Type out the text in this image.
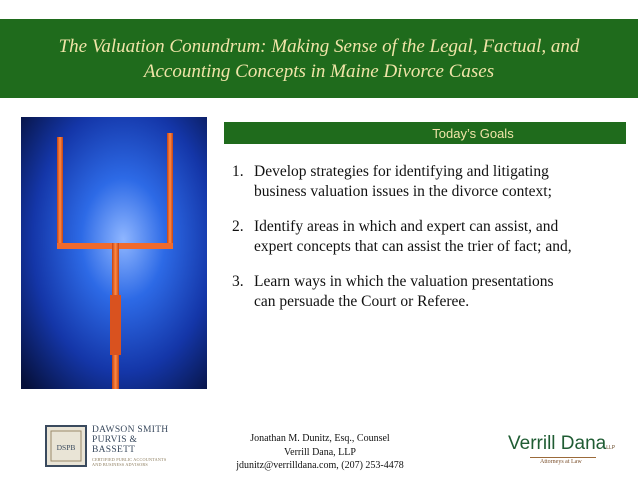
The Valuation Conundrum: Making Sense of the Legal, Factual, and
Accounting Concepts in Maine Divorce Cases
Today’s Goals
1. Develop strategies for identifying and litigating
business valuation issues in the divorce context;
2. Identify areas in which and expert can assist, and
expert concepts that can assist the trier of fact; and,
3. Learn ways in which the valuation presentations
can persuade the Court or Referee.
DSPB
DAWSON SMITH
PURVIS & BASSETT
CERTIFIED PUBLIC ACCOUNTANTS
AND BUSINESS ADVISORS
Jonathan M. Dunitz, Esq., Counsel
Verrill Dana, LLP
jdunitz@verrilldana.com, (207) 253-4478
Verrill DanaLLP
Attorneys at Law
